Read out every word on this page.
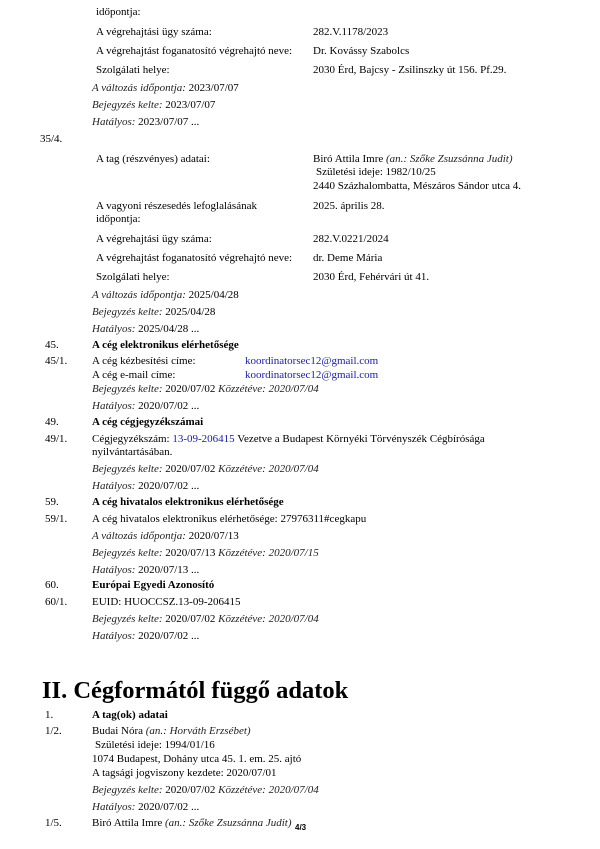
időpontja:
A végrehajtási ügy száma:	282.V.1178/2023
A végrehajtást foganatosító végrehajtó neve: Dr. Kovássy Szabolcs
Szolgálati helye:	2030 Érd, Bajcsy - Zsilinszky út 156. Pf.29.
A változás időpontja: 2023/07/07
Bejegyzés kelte: 2023/07/07
Hatályos: 2023/07/07 ...
35/4.
A tag (részvényes) adatai:	Biró Attila Imre (an.: Szőke Zsuzsánna Judit)
Születési ideje: 1982/10/25
2440 Százhalombatta, Mészáros Sándor utca 4.
A vagyoni részesedés lefoglalásának
időpontja:
2025. április 28.
A végrehajtási ügy száma:	282.V.0221/2024
A végrehajtást foganatosító végrehajtó neve: dr. Deme Mária
Szolgálati helye:	2030 Érd, Fehérvári út 41.
A változás időpontja: 2025/04/28
Bejegyzés kelte: 2025/04/28
Hatályos: 2025/04/28 ...
45.	A cég elektronikus elérhetősége
45/1. A cég kézbesítési címe:	koordinatorsec12@gmail.com
A cég e-mail címe:	koordinatorsec12@gmail.com
Bejegyzés kelte: 2020/07/02 Közzétéve: 2020/07/04
Hatályos: 2020/07/02 ...
49.	A cég cégjegyzékszámai
49/1. Cégjegyzékszám: 13-09-206415 Vezetve a Budapest Környéki Törvényszék Cégbírósága
nyilvántartásában.
Bejegyzés kelte: 2020/07/02 Közzétéve: 2020/07/04
Hatályos: 2020/07/02 ...
59.	A cég hivatalos elektronikus elérhetősége
59/1. A cég hivatalos elektronikus elérhetősége: 27976311#cegkapu
A változás időpontja: 2020/07/13
Bejegyzés kelte: 2020/07/13 Közzétéve: 2020/07/15
Hatályos: 2020/07/13 ...
60.	Európai Egyedi Azonosító
60/1. EUID: HUOCCSZ.13-09-206415
Bejegyzés kelte: 2020/07/02 Közzétéve: 2020/07/04
Hatályos: 2020/07/02 ...
II. Cégformától függő adatok
1.	A tag(ok) adatai
1/2.	Budai Nóra (an.: Horváth Erzsébet)
Születési ideje: 1994/01/16
1074 Budapest, Dohány utca 45. 1. em. 25. ajtó
A tagsági jogviszony kezdete: 2020/07/01
Bejegyzés kelte: 2020/07/02 Közzétéve: 2020/07/04
Hatályos: 2020/07/02 ...
1/5.	Biró Attila Imre (an.: Szőke Zsuzsánna Judit) 4/3
